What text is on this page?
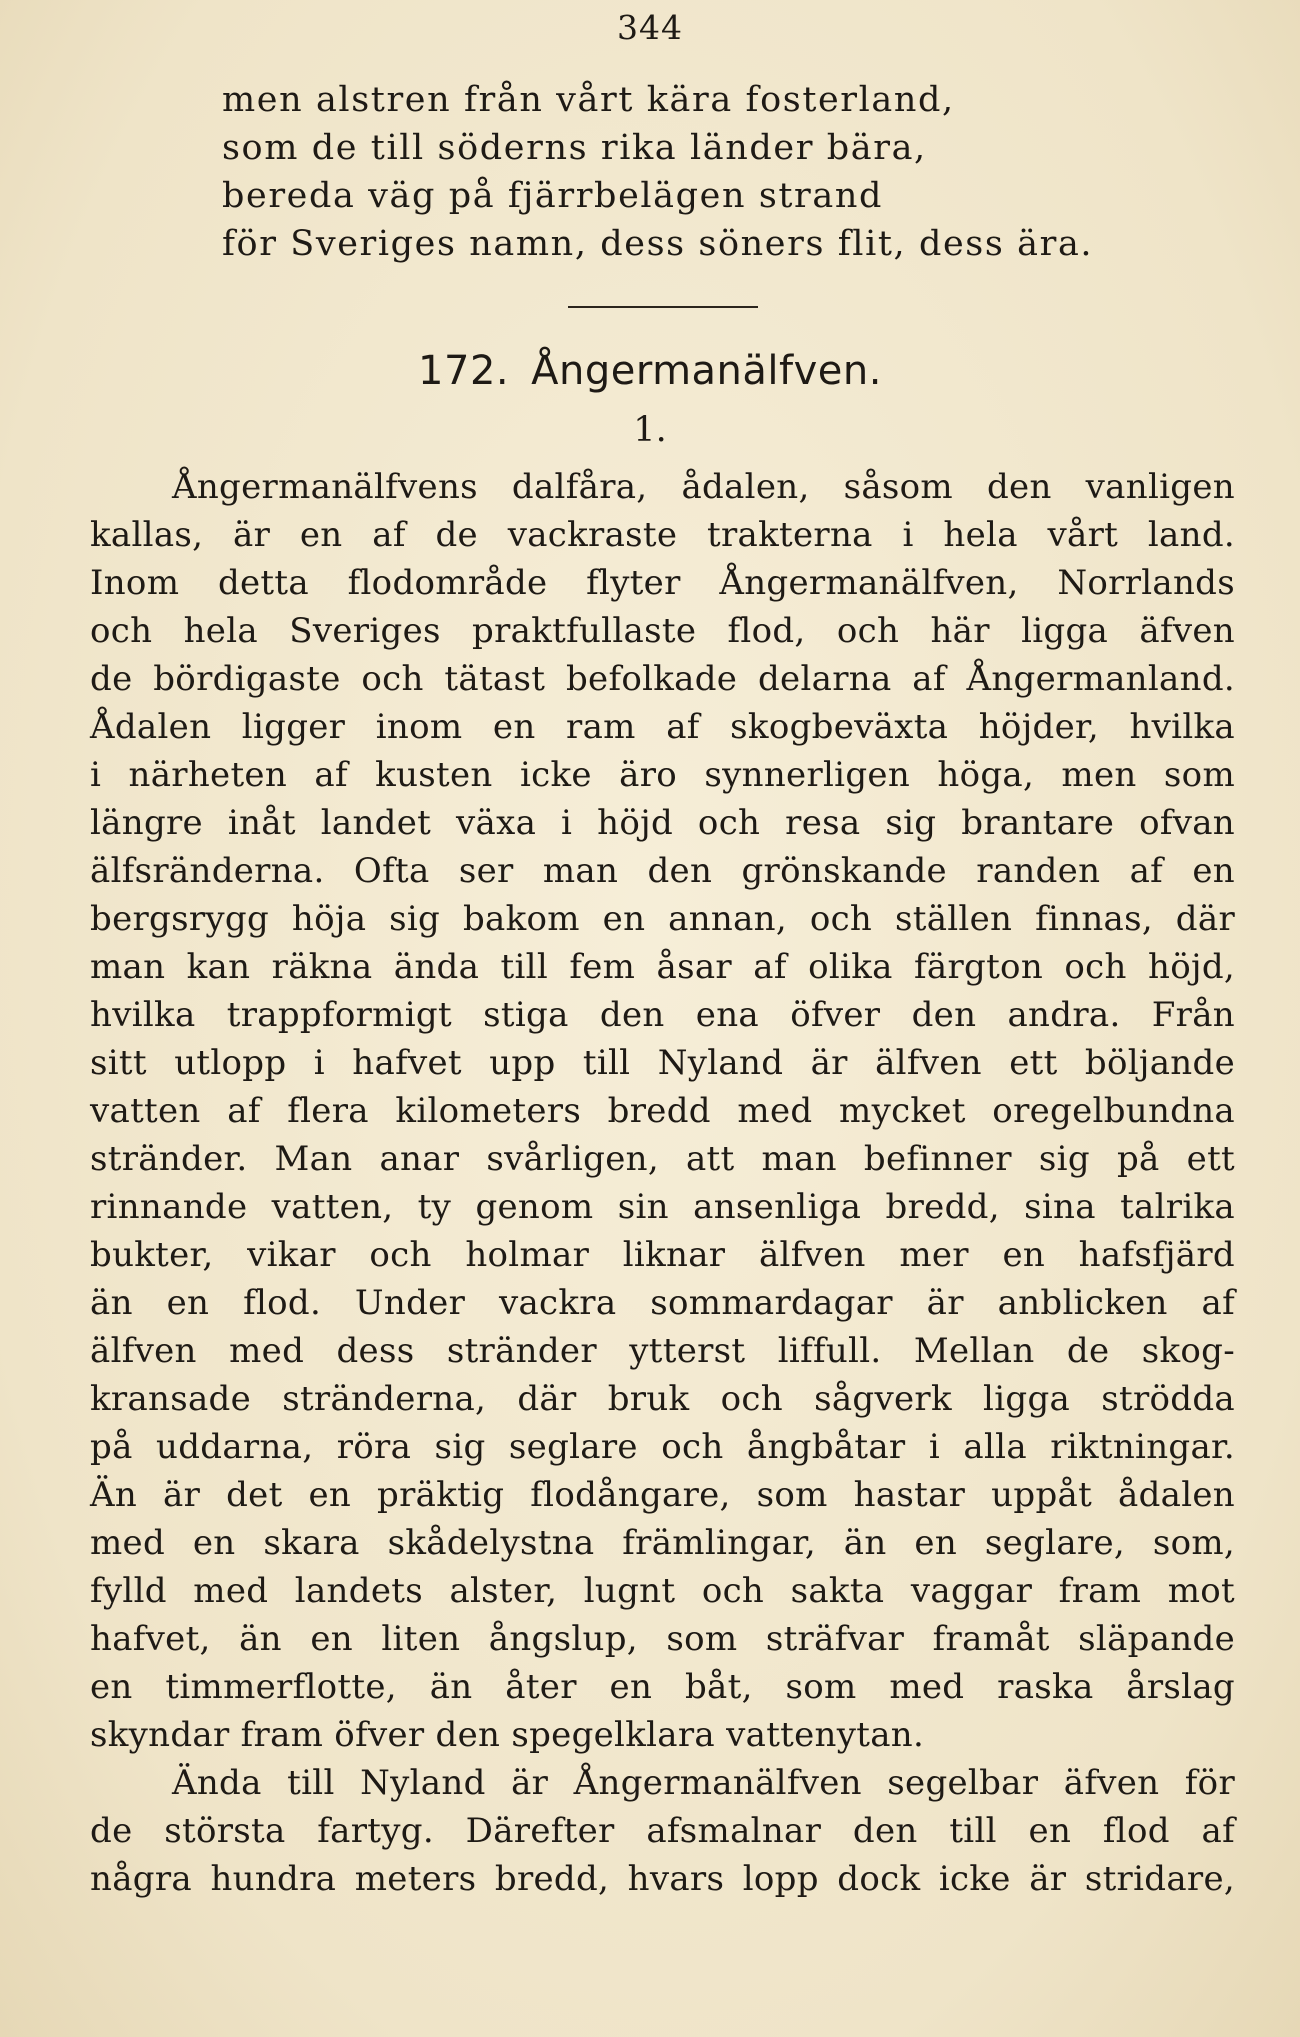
344
men alstren från vårt kära fosterland,
som de till söderns rika länder bära,
bereda väg på fjärrbelägen strand
för Sveriges namn, dess söners flit, dess ära.
172. Ångermanälfven.
1.
Ångermanälfvens dalfåra, ådalen, såsom den vanligen
kallas, är en af de vackraste trakterna i hela vårt land.
Inom detta flodområde flyter Ångermanälfven, Norrlands
och hela Sveriges praktfullaste flod, och här ligga äfven
de bördigaste och tätast befolkade delarna af Ångermanland.
Ådalen ligger inom en ram af skogbeväxta höjder, hvilka
i närheten af kusten icke äro synnerligen höga, men som
längre inåt landet växa i höjd och resa sig brantare ofvan
älfsränderna. Ofta ser man den grönskande randen af en
bergsrygg höja sig bakom en annan, och ställen finnas, där
man kan räkna ända till fem åsar af olika färgton och höjd,
hvilka trappformigt stiga den ena öfver den andra. Från
sitt utlopp i hafvet upp till Nyland är älfven ett böljande
vatten af flera kilometers bredd med mycket oregelbundna
stränder. Man anar svårligen, att man befinner sig på ett
rinnande vatten, ty genom sin ansenliga bredd, sina talrika
bukter, vikar och holmar liknar älfven mer en hafsfjärd
än en flod. Under vackra sommardagar är anblicken af
älfven med dess stränder ytterst liffull. Mellan de skog-
kransade stränderna, där bruk och sågverk ligga strödda
på uddarna, röra sig seglare och ångbåtar i alla riktningar.
Än är det en präktig flodångare, som hastar uppåt ådalen
med en skara skådelystna främlingar, än en seglare, som,
fylld med landets alster, lugnt och sakta vaggar fram mot
hafvet, än en liten ångslup, som sträfvar framåt släpande
en timmerflotte, än åter en båt, som med raska årslag
skyndar fram öfver den spegelklara vattenytan.
Ända till Nyland är Ångermanälfven segelbar äfven för
de största fartyg. Därefter afsmalnar den till en flod af
några hundra meters bredd, hvars lopp dock icke är stridare,
